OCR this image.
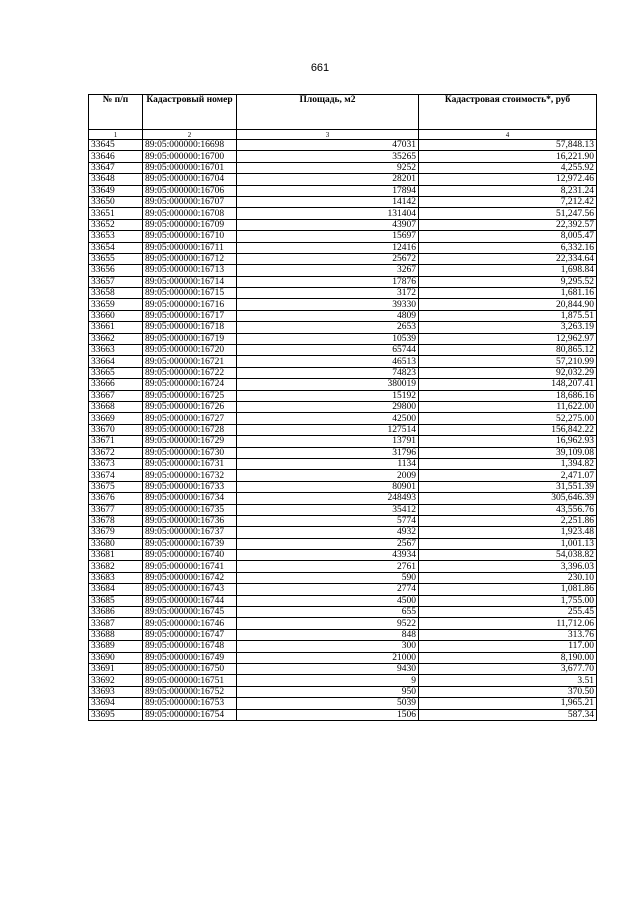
661
№ п/п	Кадастровый номер	Площадь, м2	Кадастровая стоимость*, руб
1	2	3	4
33645	89:05:000000:16698	47031	57,848.13
33646	89:05:000000:16700	35265	16,221.90
33647	89:05:000000:16701	9252	4,255.92
33648	89:05:000000:16704	28201	12,972.46
33649	89:05:000000:16706	17894	8,231.24
33650	89:05:000000:16707	14142	7,212.42
33651	89:05:000000:16708	131404	51,247.56
33652	89:05:000000:16709	43907	22,392.57
33653	89:05:000000:16710	15697	8,005.47
33654	89:05:000000:16711	12416	6,332.16
33655	89:05:000000:16712	25672	22,334.64
33656	89:05:000000:16713	3267	1,698.84
33657	89:05:000000:16714	17876	9,295.52
33658	89:05:000000:16715	3172	1,681.16
33659	89:05:000000:16716	39330	20,844.90
33660	89:05:000000:16717	4809	1,875.51
33661	89:05:000000:16718	2653	3,263.19
33662	89:05:000000:16719	10539	12,962.97
33663	89:05:000000:16720	65744	80,865.12
33664	89:05:000000:16721	46513	57,210.99
33665	89:05:000000:16722	74823	92,032.29
33666	89:05:000000:16724	380019	148,207.41
33667	89:05:000000:16725	15192	18,686.16
33668	89:05:000000:16726	29800	11,622.00
33669	89:05:000000:16727	42500	52,275.00
33670	89:05:000000:16728	127514	156,842.22
33671	89:05:000000:16729	13791	16,962.93
33672	89:05:000000:16730	31796	39,109.08
33673	89:05:000000:16731	1134	1,394.82
33674	89:05:000000:16732	2009	2,471.07
33675	89:05:000000:16733	80901	31,551.39
33676	89:05:000000:16734	248493	305,646.39
33677	89:05:000000:16735	35412	43,556.76
33678	89:05:000000:16736	5774	2,251.86
33679	89:05:000000:16737	4932	1,923.48
33680	89:05:000000:16739	2567	1,001.13
33681	89:05:000000:16740	43934	54,038.82
33682	89:05:000000:16741	2761	3,396.03
33683	89:05:000000:16742	590	230.10
33684	89:05:000000:16743	2774	1,081.86
33685	89:05:000000:16744	4500	1,755.00
33686	89:05:000000:16745	655	255.45
33687	89:05:000000:16746	9522	11,712.06
33688	89:05:000000:16747	848	313.76
33689	89:05:000000:16748	300	117.00
33690	89:05:000000:16749	21000	8,190.00
33691	89:05:000000:16750	9430	3,677.70
33692	89:05:000000:16751	9	3.51
33693	89:05:000000:16752	950	370.50
33694	89:05:000000:16753	5039	1,965.21
33695	89:05:000000:16754	1506	587.34
